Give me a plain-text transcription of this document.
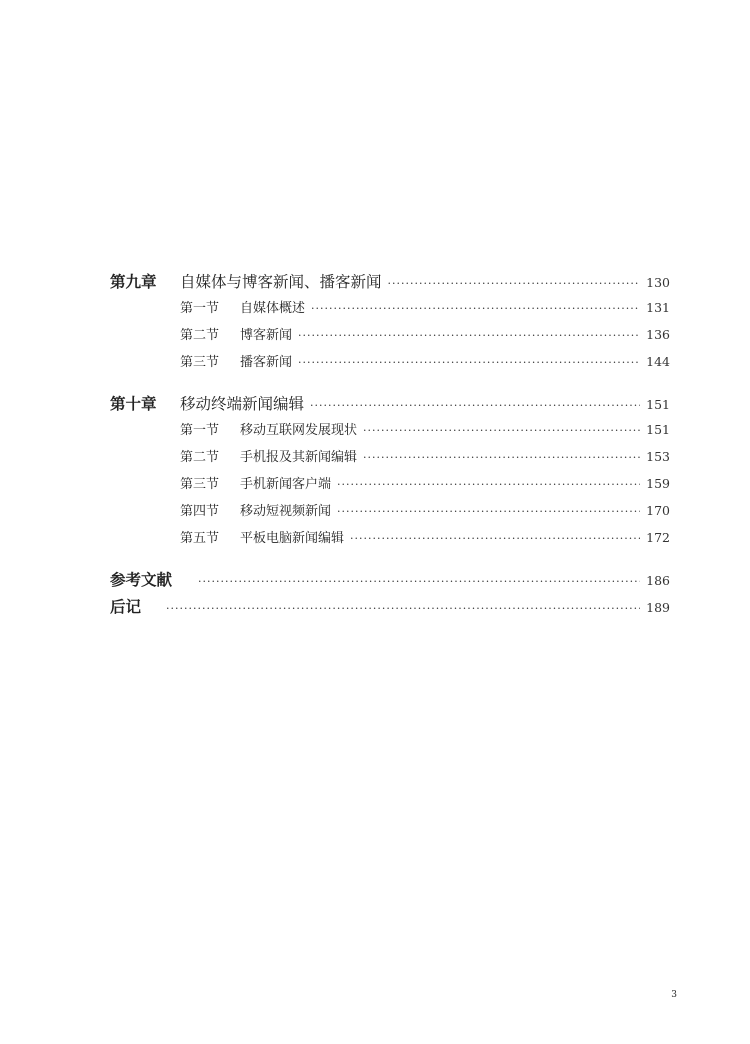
第九章	自媒体与博客新闻、播客新闻 ·····	130
第一节	自媒体概述 ·····	131
第二节	博客新闻 ·····	136
第三节	播客新闻 ·····	144
第十章	移动终端新闻编辑 ·····	151
第一节	移动互联网发展现状 ·····	151
第二节	手机报及其新闻编辑 ·····	153
第三节	手机新闻客户端 ·····	159
第四节	移动短视频新闻 ·····	170
第五节	平板电脑新闻编辑 ·····	172
参考文献 ·····	186
后记 ·····	189
3
